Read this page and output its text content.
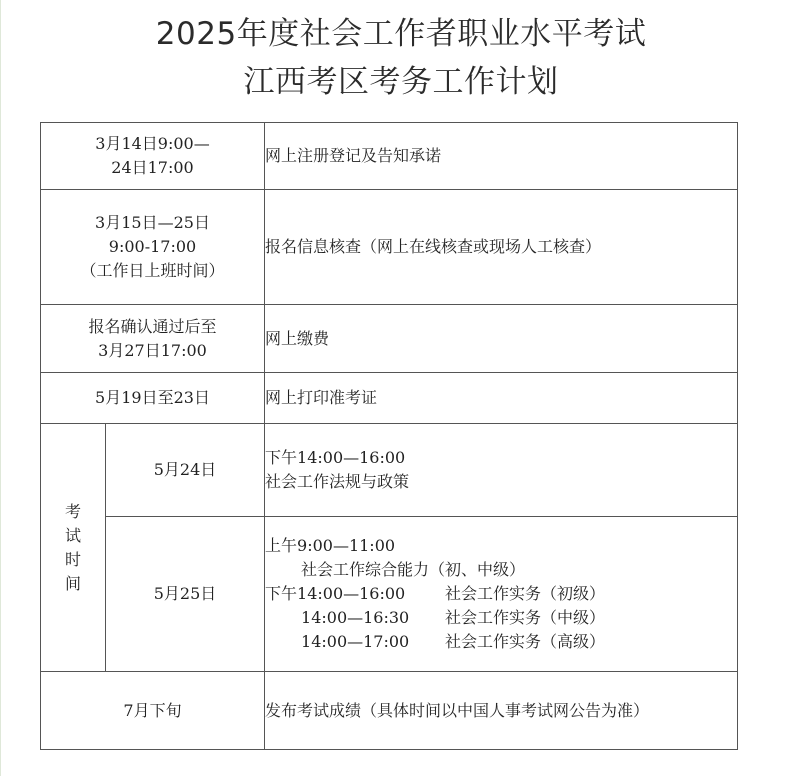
2025年度社会工作者职业水平考试
江西考区考务工作计划
3月14日9:00—
24日17:00		网上注册登记及告知承诺

3月15日—25日
9:00-17:00
（工作日上班时间）		报名信息核查（网上在线核查或现场人工核查）

报名确认通过后至
3月27日17:00		网上缴费

5月19日至23日		网上打印准考证
考
试
时
间	5月24日	下午14:00—16:00
社会工作法规与政策

	5月25日	上午9:00—11:00
社会工作综合能力（初、中级）
下午14:00—16:00 社会工作实务（初级）
14:00—16:30 社会工作实务（中级）
14:00—17:00 社会工作实务（高级）

7月下旬		发布考试成绩（具体时间以中国人事考试网公告为准）
